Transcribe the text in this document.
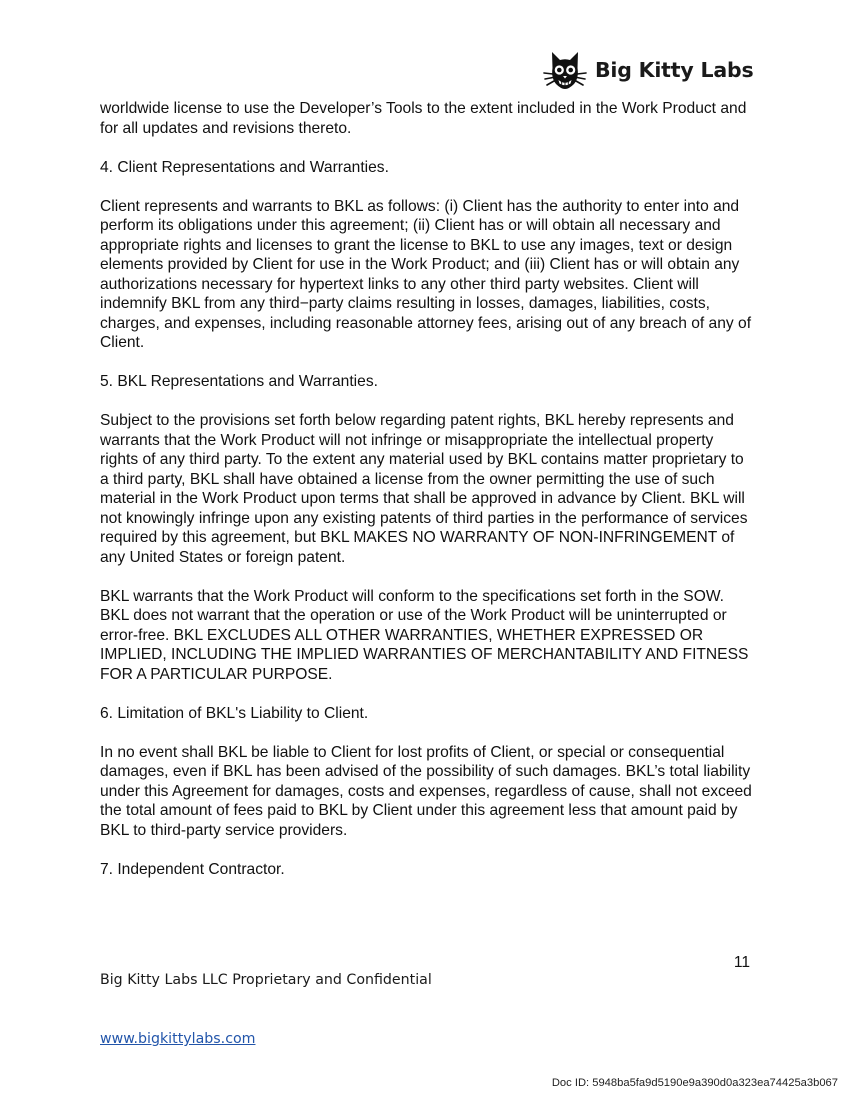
Big Kitty Labs

worldwide license to use the Developer’s Tools to the extent included in the Work Product and for all updates and revisions thereto.

4. Client Representations and Warranties.

Client represents and warrants to BKL as follows: (i) Client has the authority to enter into and perform its obligations under this agreement; (ii) Client has or will obtain all necessary and appropriate rights and licenses to grant the license to BKL to use any images, text or design elements provided by Client for use in the Work Product; and (iii) Client has or will obtain any authorizations necessary for hypertext links to any other third party websites. Client will indemnify BKL from any third−party claims resulting in losses, damages, liabilities, costs, charges, and expenses, including reasonable attorney fees, arising out of any breach of any of Client.

5. BKL Representations and Warranties.

Subject to the provisions set forth below regarding patent rights, BKL hereby represents and warrants that the Work Product will not infringe or misappropriate the intellectual property rights of any third party. To the extent any material used by BKL contains matter proprietary to a third party, BKL shall have obtained a license from the owner permitting the use of such material in the Work Product upon terms that shall be approved in advance by Client. BKL will not knowingly infringe upon any existing patents of third parties in the performance of services required by this agreement, but BKL MAKES NO WARRANTY OF NON-INFRINGEMENT of any United States or foreign patent.

BKL warrants that the Work Product will conform to the specifications set forth in the SOW. BKL does not warrant that the operation or use of the Work Product will be uninterrupted or error-free. BKL EXCLUDES ALL OTHER WARRANTIES, WHETHER EXPRESSED OR IMPLIED, INCLUDING THE IMPLIED WARRANTIES OF MERCHANTABILITY AND FITNESS FOR A PARTICULAR PURPOSE.

6. Limitation of BKL's Liability to Client.

In no event shall BKL be liable to Client for lost profits of Client, or special or consequential damages, even if BKL has been advised of the possibility of such damages. BKL’s total liability under this Agreement for damages, costs and expenses, regardless of cause, shall not exceed the total amount of fees paid to BKL by Client under this agreement less that amount paid by BKL to third-party service providers.

7. Independent Contractor.

11
Big Kitty Labs LLC Proprietary and Confidential
www.bigkittylabs.com
Doc ID: 5948ba5fa9d5190e9a390d0a323ea74425a3b067
